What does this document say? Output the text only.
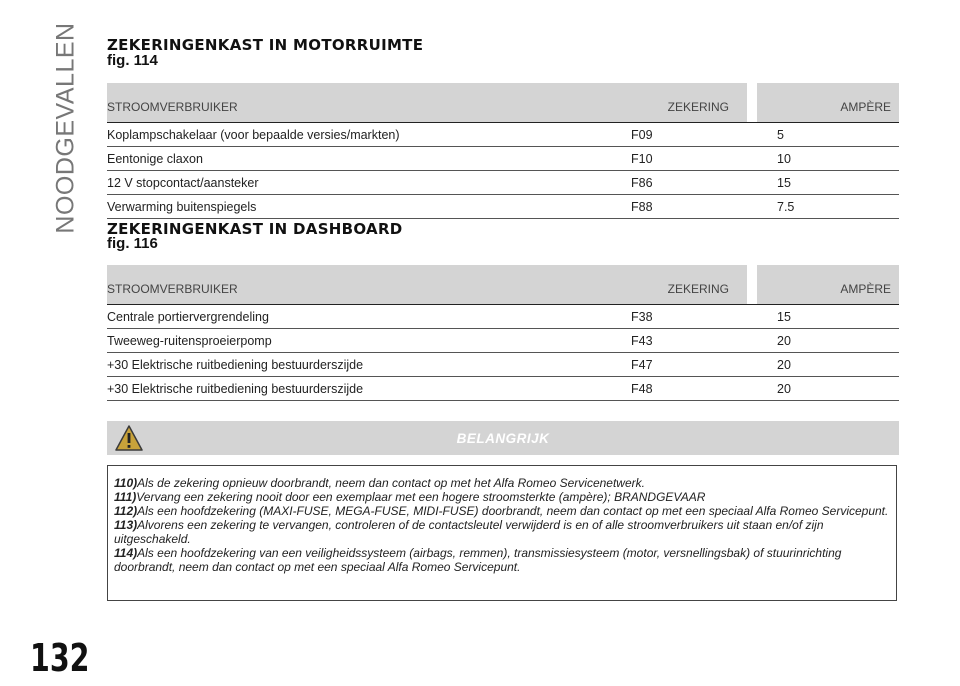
NOODGEVALLEN ZEKERINGENKAST IN MOTORRUIMTE
fig. 114
STROOMVERBRUIKER	ZEKERING		AMPÈRE
Koplampschakelaar (voor bepaalde versies/markten)	F09		5
Eentonige claxon	F10		10
12 V stopcontact/aansteker	F86		15
Verwarming buitenspiegels	F88		7.5
ZEKERINGENKAST IN DASHBOARD
fig. 116
STROOMVERBRUIKER	ZEKERING		AMPÈRE
Centrale portiervergrendeling	F38		15
Tweeweg-ruitensproeierpomp	F43		20
+30 Elektrische ruitbediening bestuurderszijde	F47		20
+30 Elektrische ruitbediening bestuurderszijde	F48		20
BELANGRIJK

110)Als de zekering opnieuw doorbrandt, neem dan contact op met het Alfa Romeo Servicenetwerk.

111)Vervang een zekering nooit door een exemplaar met een hogere stroomsterkte (ampère); BRANDGEVAAR

112)Als een hoofdzekering (MAXI-FUSE, MEGA-FUSE, MIDI-FUSE) doorbrandt, neem dan contact op met een speciaal Alfa Romeo Servicepunt.

113)Alvorens een zekering te vervangen, controleren of de contactsleutel verwijderd is en of alle stroomverbruikers uit staan en/of zijn uitgeschakeld.

114)Als een hoofdzekering van een veiligheidssysteem (airbags, remmen), transmissiesysteem (motor, versnellingsbak) of stuurinrichting doorbrandt, neem dan contact op met een speciaal Alfa Romeo Servicepunt.

132
